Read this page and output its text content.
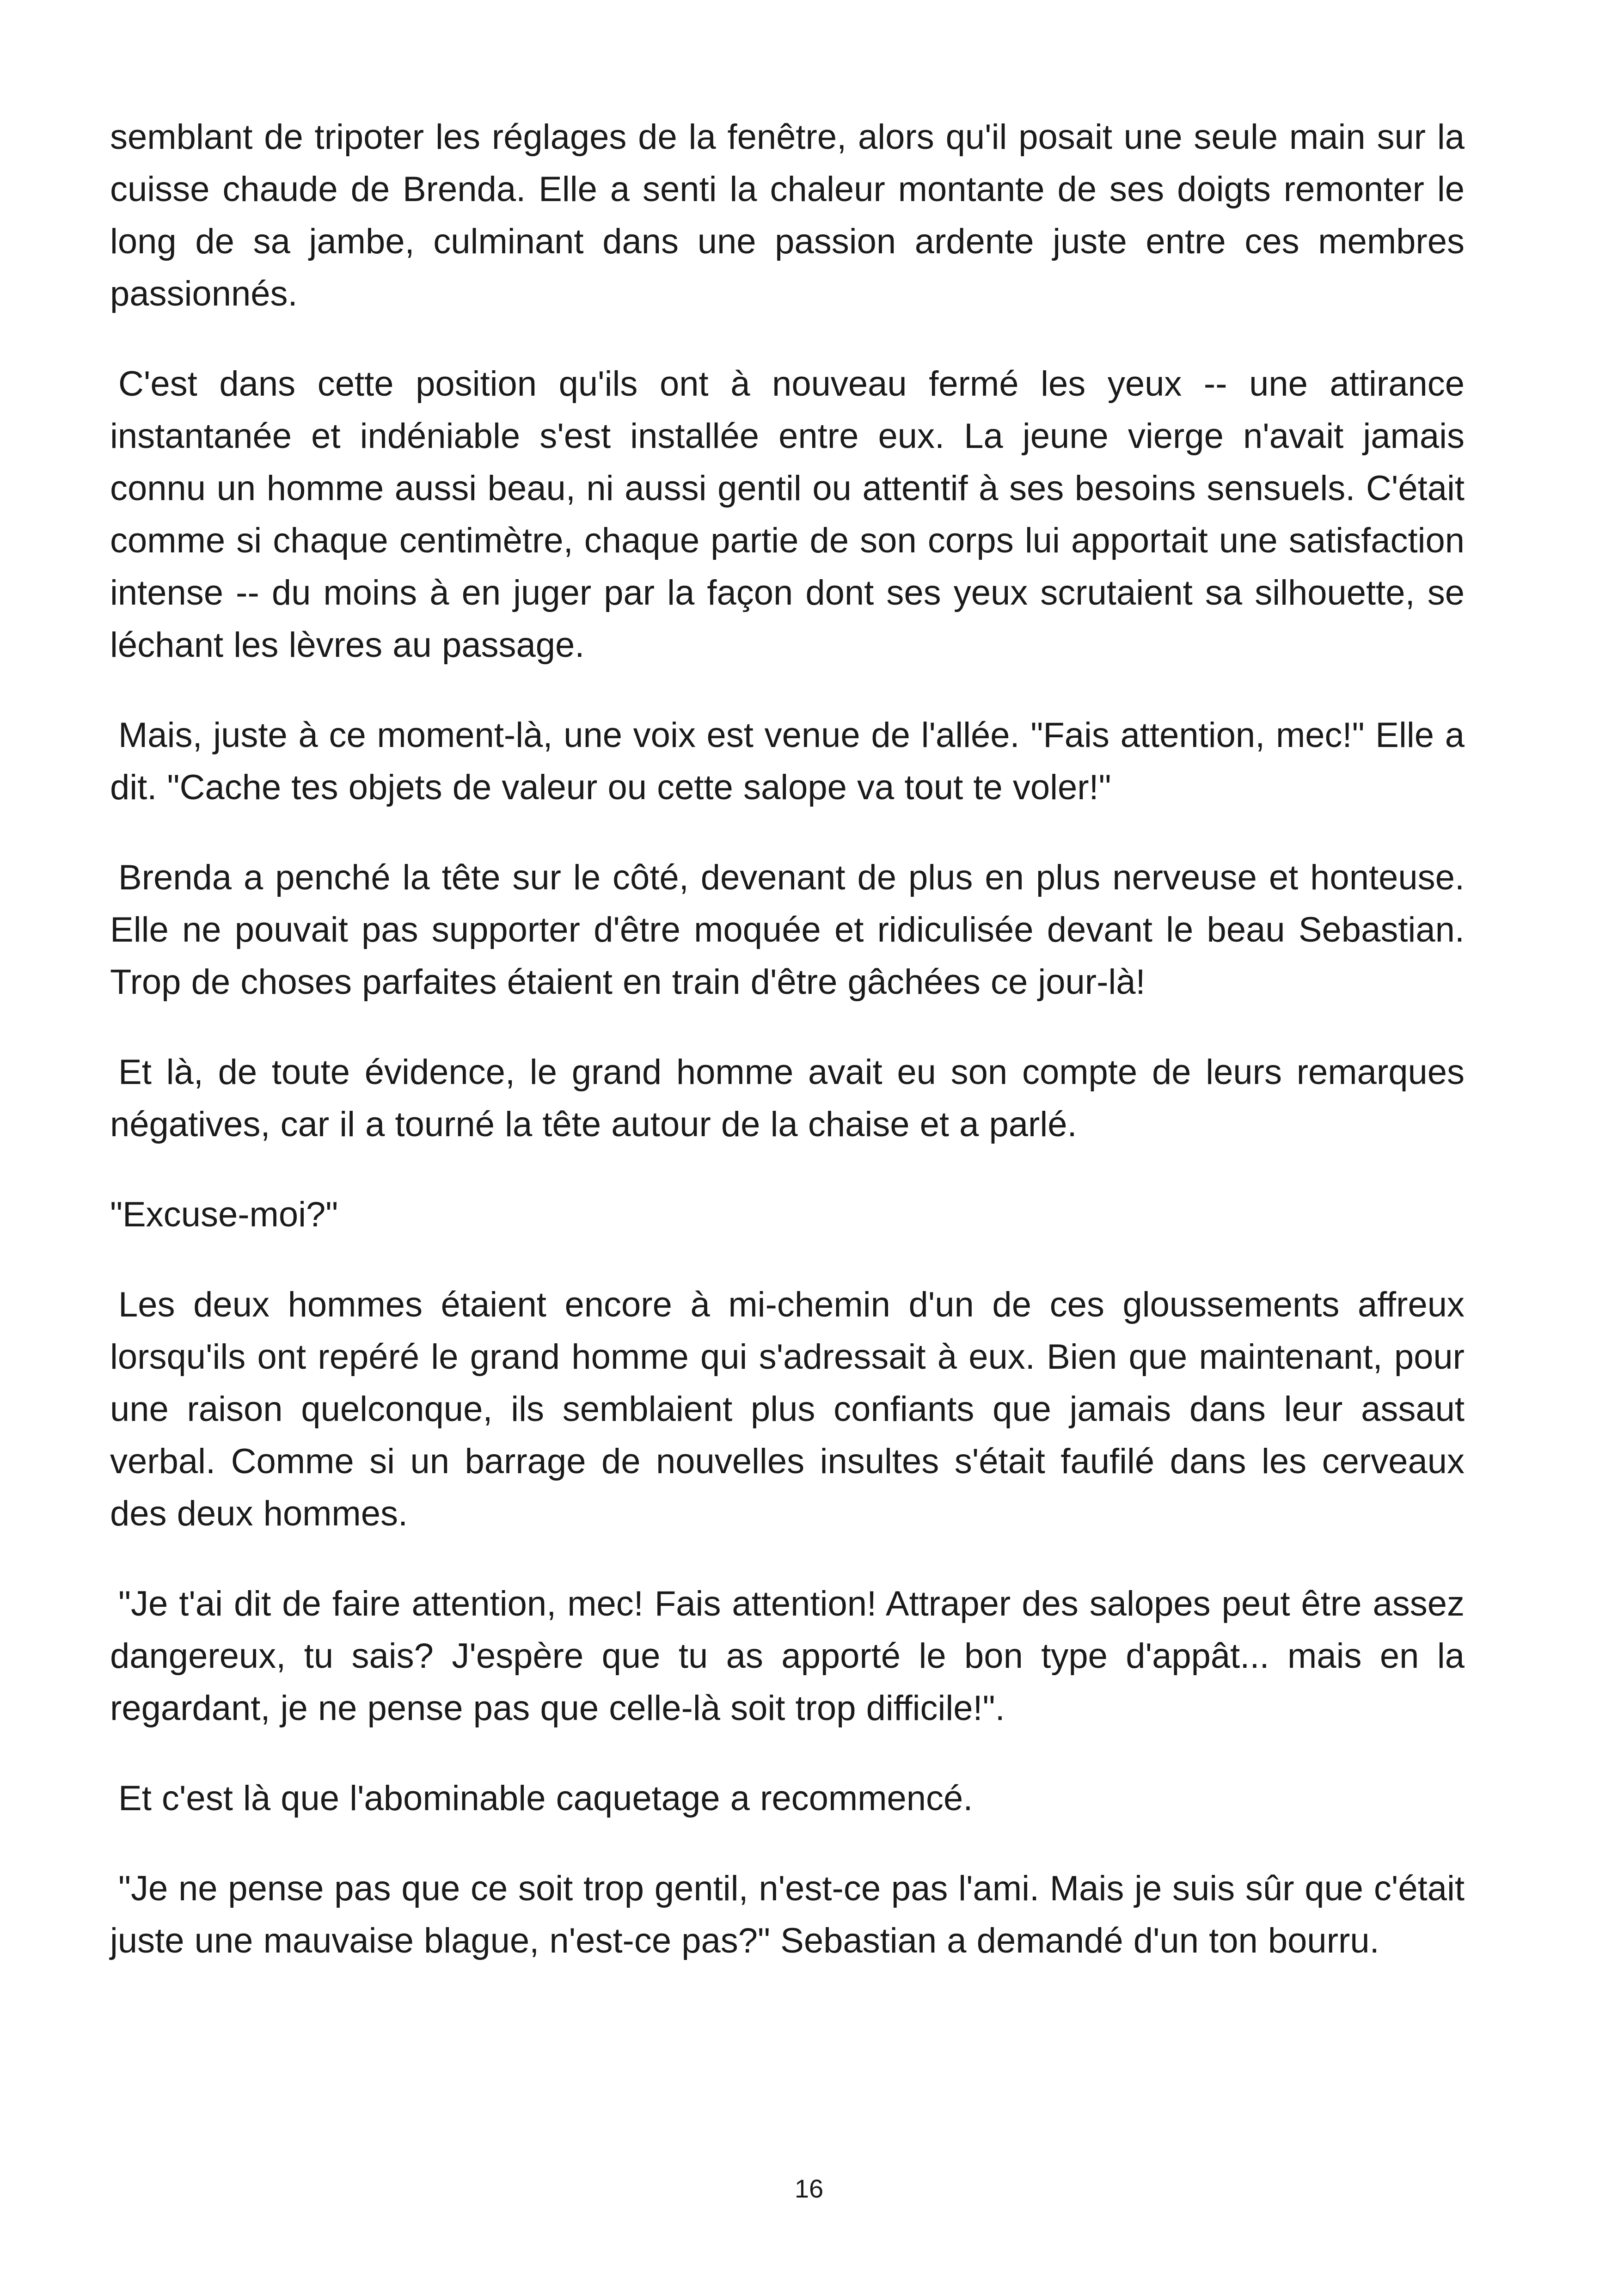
semblant de tripoter les réglages de la fenêtre, alors qu'il posait une seule main sur la cuisse chaude de Brenda. Elle a senti la chaleur montante de ses doigts remonter le long de sa jambe, culminant dans une passion ardente juste entre ces membres passionnés.

C'est dans cette position qu'ils ont à nouveau fermé les yeux -- une attirance instantanée et indéniable s'est installée entre eux. La jeune vierge n'avait jamais connu un homme aussi beau, ni aussi gentil ou attentif à ses besoins sensuels. C'était comme si chaque centimètre, chaque partie de son corps lui apportait une satisfaction intense -- du moins à en juger par la façon dont ses yeux scrutaient sa silhouette, se léchant les lèvres au passage.

Mais, juste à ce moment-là, une voix est venue de l'allée. "Fais attention, mec!" Elle a dit. "Cache tes objets de valeur ou cette salope va tout te voler!"

Brenda a penché la tête sur le côté, devenant de plus en plus nerveuse et honteuse. Elle ne pouvait pas supporter d'être moquée et ridiculisée devant le beau Sebastian. Trop de choses parfaites étaient en train d'être gâchées ce jour-là!

Et là, de toute évidence, le grand homme avait eu son compte de leurs remarques négatives, car il a tourné la tête autour de la chaise et a parlé.

"Excuse-moi?"

Les deux hommes étaient encore à mi-chemin d'un de ces gloussements affreux lorsqu'ils ont repéré le grand homme qui s'adressait à eux. Bien que maintenant, pour une raison quelconque, ils semblaient plus confiants que jamais dans leur assaut verbal. Comme si un barrage de nouvelles insultes s'était faufilé dans les cerveaux des deux hommes.

"Je t'ai dit de faire attention, mec! Fais attention! Attraper des salopes peut être assez dangereux, tu sais? J'espère que tu as apporté le bon type d'appât... mais en la regardant, je ne pense pas que celle-là soit trop difficile!".

Et c'est là que l'abominable caquetage a recommencé.

"Je ne pense pas que ce soit trop gentil, n'est-ce pas l'ami. Mais je suis sûr que c'était juste une mauvaise blague, n'est-ce pas?" Sebastian a demandé d'un ton bourru.

16
